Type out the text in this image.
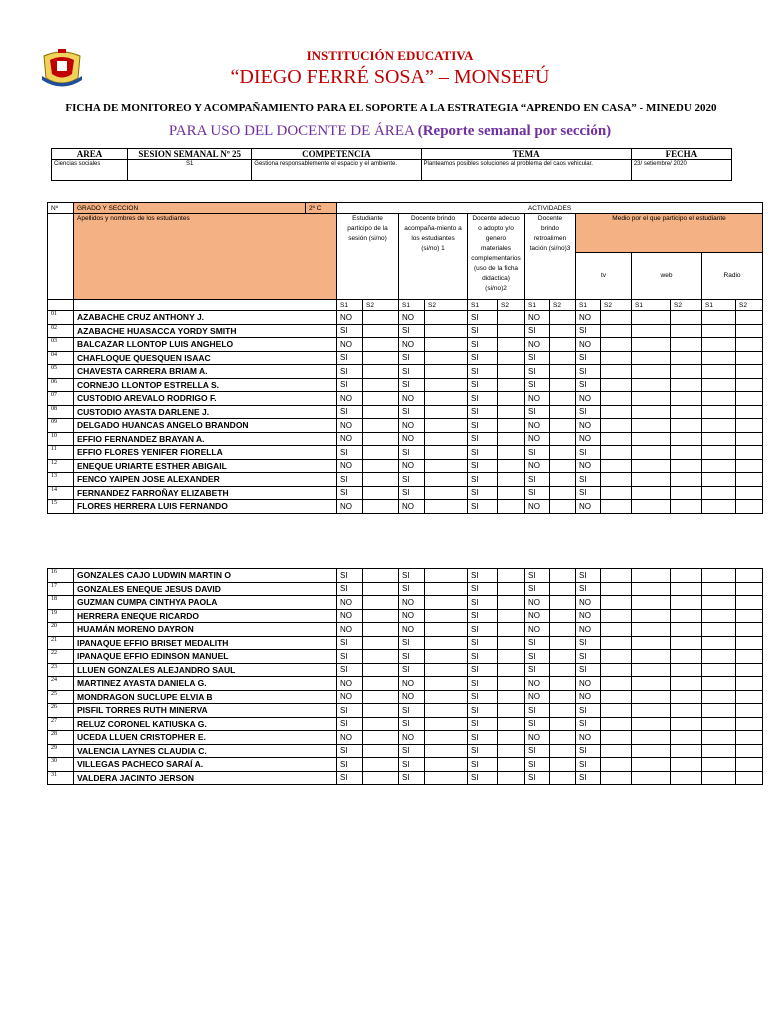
INSTITUCIÓN EDUCATIVA
“DIEGO FERRÉ SOSA” – MONSEFÚ
FICHA DE MONITOREO Y ACOMPAÑAMIENTO PARA EL SOPORTE A LA ESTRATEGIA “APRENDO EN CASA” - MINEDU 2020
PARA USO DEL DOCENTE DE ÁREA (Reporte semanal por sección)
AREA	SESION SEMANAL Nº 25	COMPETENCIA	TEMA	FECHA
Ciencias sociales	S1	Gestiona responsablemente el espacio y el ambiente.	Planteamos posibles soluciones al problema del caos vehicular.	23/ setiembre/ 2020
Nº	GRADO Y SECCION	2º C	ACTIVIDADES													
	Apellidos y nombres de los estudiantes		Estudiante participo de la sesión (si/no)		Docente brindo acompaña-miento a los estudiantes (si/no) 1		Docente adecuo o adopto y/o genero materiales complementarios (uso de la ficha didactica) (si/no)2		Docente brindo retroalimen tación (si/no)3		Medio por el que participo el estudiante					
											tv		web		Radio	
			S1	S2	S1	S2	S1	S2	S1	S2	S1	S2	S1	S2	S1	S2
01	AZABACHE CRUZ ANTHONY J.		NO		NO		SI		NO		NO					
02	AZABACHE HUASACCA YORDY SMITH		SI		SI		SI		SI		SI					
03	BALCAZAR LLONTOP LUIS ANGHELO		NO		NO		SI		NO		NO					
04	CHAFLOQUE QUESQUEN ISAAC		SI		SI		SI		SI		SI					
05	CHAVESTA CARRERA BRIAM A.		SI		SI		SI		SI		SI					
06	CORNEJO LLONTOP ESTRELLA S.		SI		SI		SI		SI		SI					
07	CUSTODIO AREVALO RODRIGO F.		NO		NO		SI		NO		NO					
08	CUSTODIO AYASTA DARLENE J.		SI		SI		SI		SI		SI					
09	DELGADO HUANCAS ANGELO BRANDON		NO		NO		SI		NO		NO					
10	EFFIO FERNANDEZ BRAYAN A.		NO		NO		SI		NO		NO					
11	EFFIO FLORES YENIFER FIORELLA		SI		SI		SI		SI		SI					
12	ENEQUE URIARTE ESTHER ABIGAIL		NO		NO		SI		NO		NO					
13	FENCO YAIPEN JOSE ALEXANDER		SI		SI		SI		SI		SI					
14	FERNANDEZ FARROÑAY ELIZABETH		SI		SI		SI		SI		SI					
15	FLORES HERRERA LUIS FERNANDO		NO		NO		SI		NO		NO					
16	GONZALES CAJO LUDWIN MARTIN O	SI		SI		SI		SI		SI					
17	GONZALES ENEQUE JESUS DAVID	SI		SI		SI		SI		SI					
18	GUZMAN CUMPA CINTHYA PAOLA	NO		NO		SI		NO		NO					
19	HERRERA ENEQUE RICARDO	NO		NO		SI		NO		NO					
20	HUAMÁN MORENO DAYRON	NO		NO		SI		NO		NO					
21	IPANAQUE EFFIO BRISET MEDALITH	SI		SI		SI		SI		SI					
22	IPANAQUE EFFIO EDINSON MANUEL	SI		SI		SI		SI		SI					
23	LLUEN GONZALES ALEJANDRO SAUL	SI		SI		SI		SI		SI					
24	MARTINEZ AYASTA DANIELA G.	NO		NO		SI		NO		NO					
25	MONDRAGON SUCLUPE ELVIA B	NO		NO		SI		NO		NO					
26	PISFIL TORRES RUTH MINERVA	SI		SI		SI		SI		SI					
27	RELUZ CORONEL KATIUSKA G.	SI		SI		SI		SI		SI					
28	UCEDA LLUEN CRISTOPHER E.	NO		NO		SI		NO		NO					
29	VALENCIA LAYNES CLAUDIA C.	SI		SI		SI		SI		SI					
30	VILLEGAS PACHECO SARAÍ A.	SI		SI		SI		SI		SI					
31	VALDERA JACINTO JERSON	SI		SI		SI		SI		SI					
